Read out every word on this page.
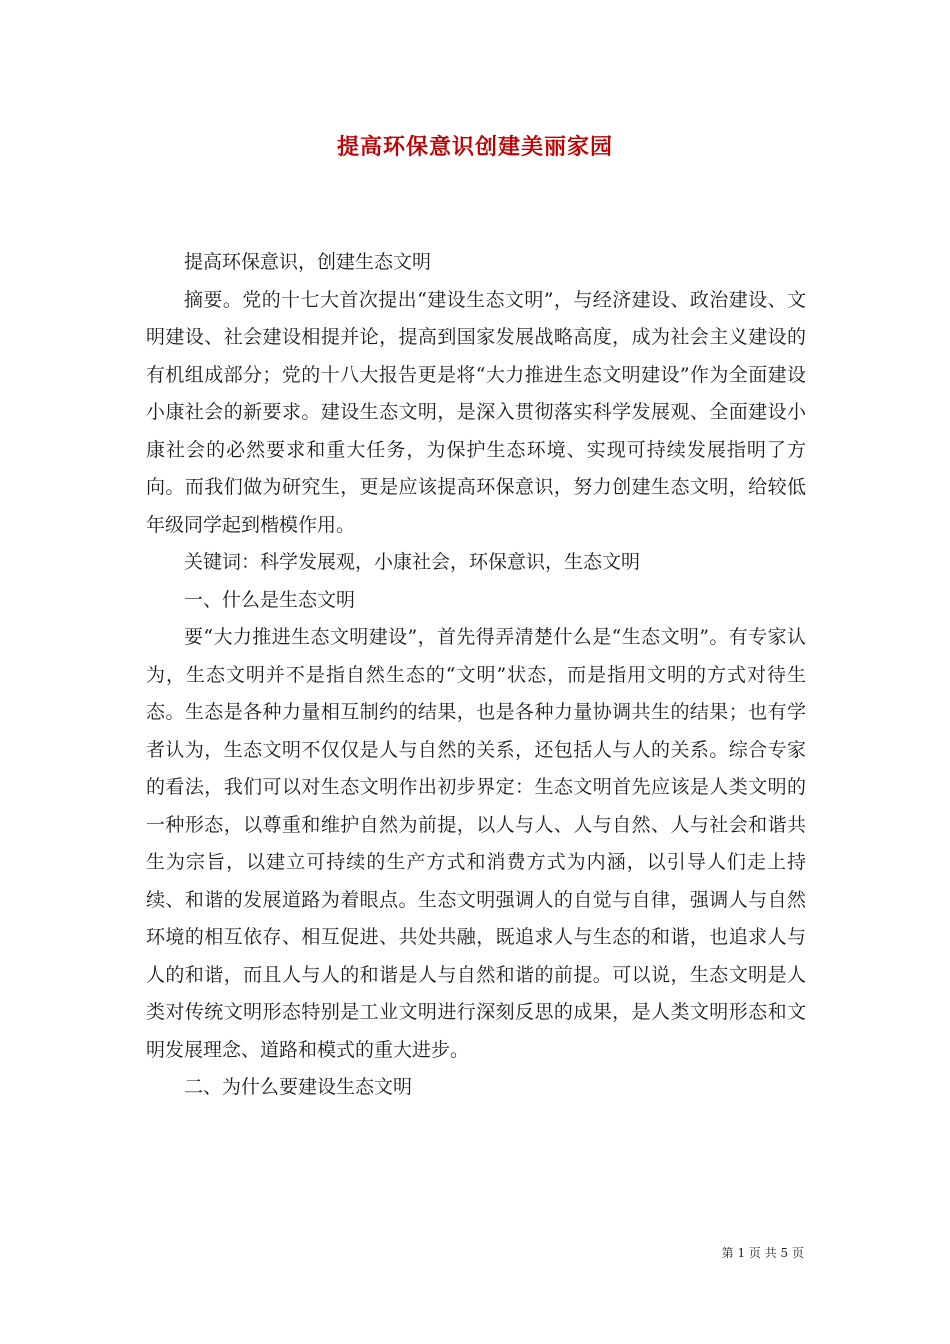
提高环保意识创建美丽家园

提高环保意识，创建生态文明

摘要。党的十七大首次提出“建设生态文明”，与经济建设、政治建设、文明建设、社会建设相提并论，提高到国家发展战略高度，成为社会主义建设的有机组成部分；党的十八大报告更是将“大力推进生态文明建设”作为全面建设小康社会的新要求。建设生态文明，是深入贯彻落实科学发展观、全面建设小康社会的必然要求和重大任务，为保护生态环境、实现可持续发展指明了方向。而我们做为研究生，更是应该提高环保意识，努力创建生态文明，给较低年级同学起到楷模作用。

关键词：科学发展观，小康社会，环保意识，生态文明

一、什么是生态文明

要“大力推进生态文明建设”，首先得弄清楚什么是“生态文明”。有专家认为，生态文明并不是指自然生态的“文明”状态，而是指用文明的方式对待生态。生态是各种力量相互制约的结果，也是各种力量协调共生的结果；也有学者认为，生态文明不仅仅是人与自然的关系，还包括人与人的关系。综合专家的看法，我们可以对生态文明作出初步界定：生态文明首先应该是人类文明的一种形态，以尊重和维护自然为前提，以人与人、人与自然、人与社会和谐共生为宗旨，以建立可持续的生产方式和消费方式为内涵，以引导人们走上持续、和谐的发展道路为着眼点。生态文明强调人的自觉与自律，强调人与自然环境的相互依存、相互促进、共处共融，既追求人与生态的和谐，也追求人与人的和谐，而且人与人的和谐是人与自然和谐的前提。可以说，生态文明是人类对传统文明形态特别是工业文明进行深刻反思的成果，是人类文明形态和文明发展理念、道路和模式的重大进步。

二、为什么要建设生态文明

第 1 页 共 5 页
